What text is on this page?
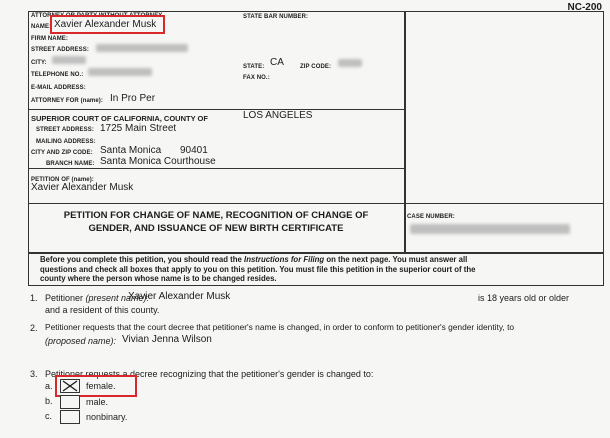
NC-200
ATTORNEY OR PARTY WITHOUT ATTORNEY	STATE BAR NUMBER:
NAME: Xavier Alexander Musk
FIRM NAME:
STREET ADDRESS:
CITY:
STATE: CA	ZIP CODE:
TELEPHONE NO.:	FAX NO.:
E-MAIL ADDRESS:
ATTORNEY FOR (name): In Pro Per
SUPERIOR COURT OF CALIFORNIA, COUNTY OF	LOS ANGELES
STREET ADDRESS: 1725 Main Street
MAILING ADDRESS:
CITY AND ZIP CODE: Santa Monica 90401
BRANCH NAME: Santa Monica Courthouse
PETITION OF (name):
Xavier Alexander Musk
PETITION FOR CHANGE OF NAME, RECOGNITION OF CHANGE OF
GENDER, AND ISSUANCE OF NEW BIRTH CERTIFICATE
CASE NUMBER:
Before you complete this petition, you should read the Instructions for Filing on the next page. You must answer all
questions and check all boxes that apply to you on this petition. You must file this petition in the superior court of the
county where the person whose name is to be changed resides.
1. Petitioner (present name):
Xavier Alexander Musk	is 18 years old or older
and a resident of this county.
2. Petitioner requests that the court decree that petitioner's name is changed, in order to conform to petitioner's gender identity, to
(proposed name): Vivian Jenna Wilson
3. Petitioner requests a decree recognizing that the petitioner's gender is changed to:
a.	female.
b.	male.
c.	nonbinary.
